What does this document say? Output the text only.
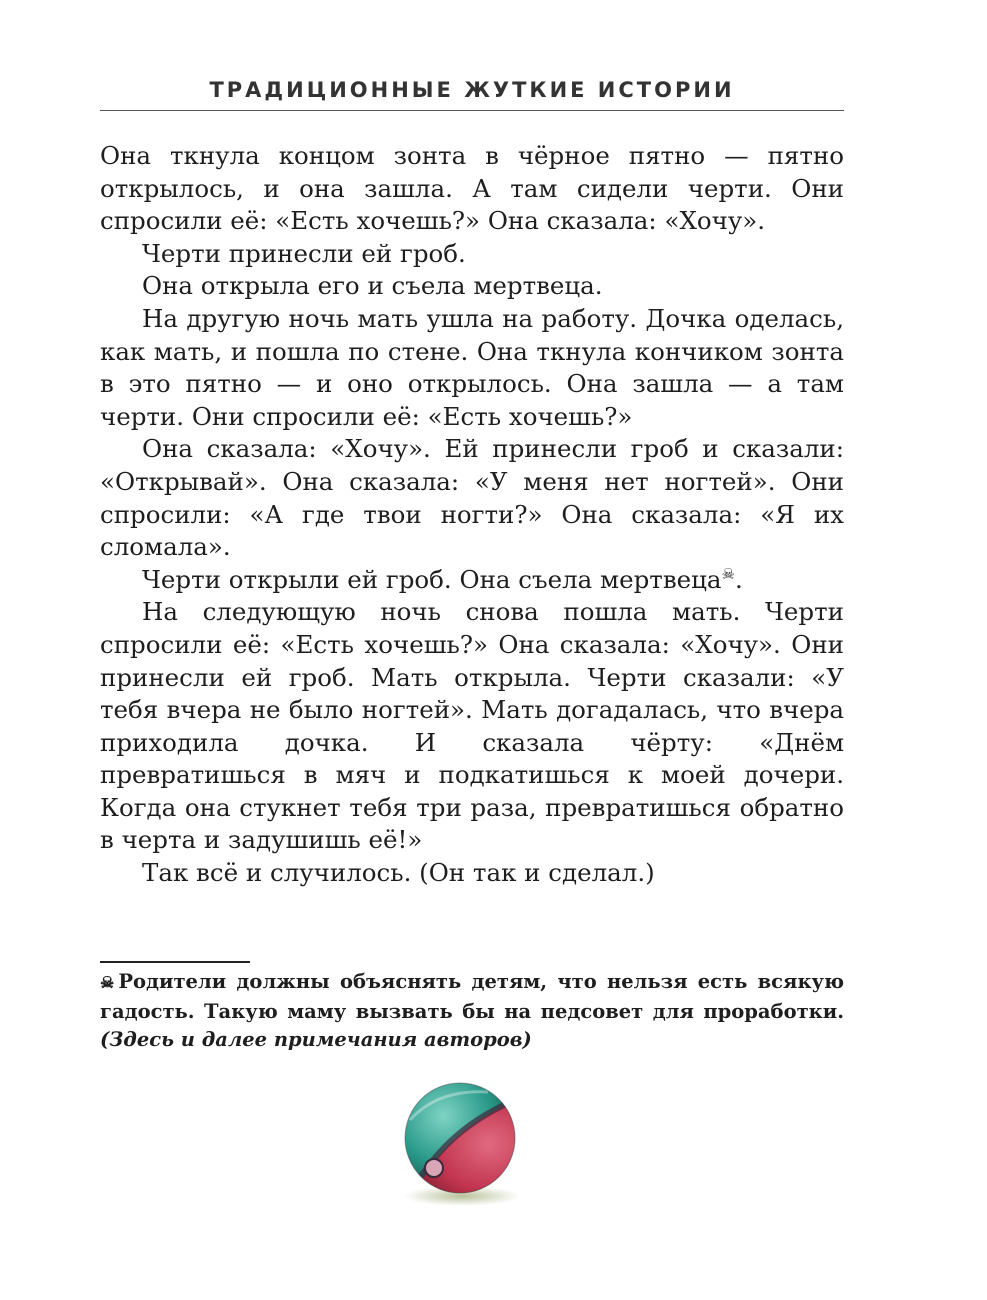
ТРАДИЦИОННЫЕ ЖУТКИЕ ИСТОРИИ

Она ткнула концом зонта в чёрное пятно — пятно открылось, и она зашла. А там сидели черти. Они спросили её: «Есть хочешь?» Она сказала: «Хочу».

Черти принесли ей гроб.

Она открыла его и съела мертвеца.

На другую ночь мать ушла на работу. Дочка оделась, как мать, и пошла по стене. Она ткнула кончиком зонта в это пятно — и оно открылось. Она зашла — а там черти. Они спросили её: «Есть хочешь?»

Она сказала: «Хочу». Ей принесли гроб и сказали: «Открывай». Она сказала: «У меня нет ногтей». Они спросили: «А где твои ногти?» Она сказала: «Я их сломала».

Черти открыли ей гроб. Она съела мертвеца☠.

На следующую ночь снова пошла мать. Черти спросили её: «Есть хочешь?» Она сказала: «Хочу». Они принесли ей гроб. Мать открыла. Черти сказали: «У тебя вчера не было ногтей». Мать догадалась, что вчера приходила дочка. И сказала чёрту: «Днём превратишься в мяч и подкатишься к моей дочери. Когда она стукнет тебя три раза, превратишься обратно в черта и задушишь её!»

Так всё и случилось. (Он так и сделал.)

☠ Родители должны объяснять детям, что нельзя есть всякую гадость. Такую маму вызвать бы на педсовет для проработки. (Здесь и далее примечания авторов)
